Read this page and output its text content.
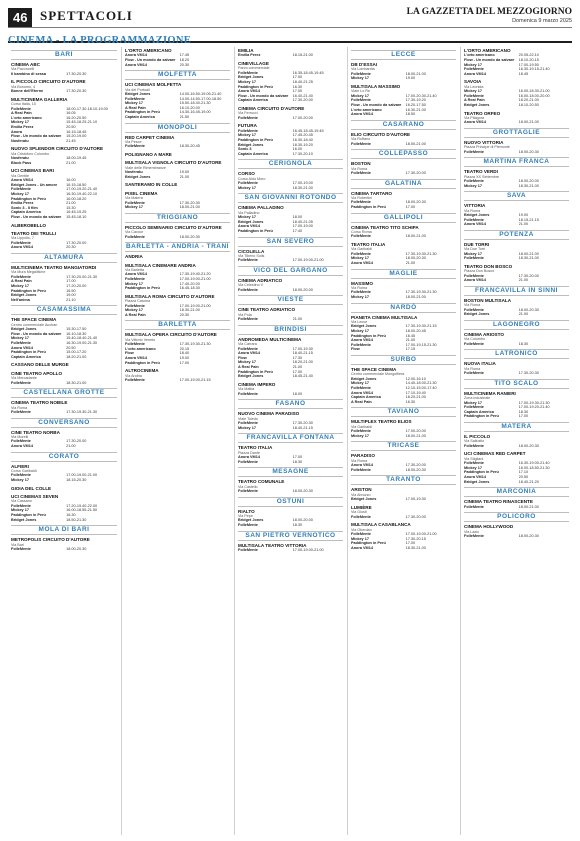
46 SPETTACOLI	LA GAZZETTA DEL MEZZOGIORNO
Domenica 9 marzo 2025
CINEMA - LA PROGRAMMAZIONE
BARI
CINEMA ABC
Via Pavoncelli
Il bambino di sessa	17.30-20.30
IL PICCOLO CIRCUITO D'AUTORE
Via Bonomo, 4
Bonne dell'Eterne	17.30-20.30
MULTICINEMA GALLERIA
Corso Italia, 15
FolleMente	18.00-17.30-18.10-19.00
A Real Pain	16.05
L'orto americano	16.20-20.50
Mickey 17	15.45-18.25-21.10
Emilia Perez	20.50
Anora	16.15-18.45
Flow - Un mondo da salvare	15.20-19.00
Nosferatu	21.45
NUOVO SPLENDOR CIRCUITO D'AUTORE
Via Cristoforo Colombo
Nosferatu	18.00-19.45
Block Pass	21.00
UCI CINEMAS BARI
Via Gentile
Anora VM14	16.00
Bridget Jones - Un amore	16.15-18.50
FolleMente	17.00-19.20-21.40
Mickey 17	16.30-19.40-22.10
Paddington in Perù	16.00-18.20
Emilia Perez	21.00
Sonic 3 - Il film	15.30
Captain America	16.45-19.25
Flow - Un mondo da salvare	15.45-18.10
ALBEROBELLO
TEATRO DEI TRULLI
Via Lippolis, 7
FolleMente	17.30-20.00
Anora VM14	20.30
ALTAMURA
MULTICINEMA TEATRO MANGIATORDI
Via Mura Megalitiche
FolleMente	17.30-20.00-21.30
A Real Pain	17.00
Mickey 17	17.20-20.00
Paddington in Perù	16.50
Bridget Jones	19.00
Nell'anima	21.10
CASAMASSIMA
THE SPACE CINEMA
Centro commerciale Auchan
Bridget Jones	15.30-17.50
Flow - Un mondo da salvare	16.10-18.30
Mickey 17	15.40-18.40-21.40
FolleMente	16.30-19.00-21.30
Anora VM14	20.50
Paddington in Perù	15.00-17.20
Captain America	18.20-21.00
CASSANO DELLE MURGE
CINE TEATRO APOLLO
Via Mercadante
FolleMente	18.30-21.00
CASTELLANA GROTTE
CINEMA TEATRO NOBILE
Via Roma
FolleMente	17.30-19.30-21.30
CONVERSANO
CINE TEATRO NORBA
Via Morelli
FolleMente	17.30-20.00
Anora VM14	21.00
CORATO
ALFIERI
Corso Garibaldi
FolleMente	17.00-19.00-21.00
Mickey 17	18.15-20.30
GIOIA DEL COLLE
UCI CINEMAS SEVEN
Via Cassano
FolleMente	17.20-19.40-22.00
Mickey 17	16.00-18.55-21.50
Paddington in Perù	16.30
Bridget Jones	18.50-21.30
MOLA DI BARI
METROPOLIS CIRCUITO D'AUTORE
Via Bari
FolleMente	18.00-20.30
L'ORTO AMERICANO
Anora VM14	17.45
Flow - Un mondo da salvare	18.20
Anora VM14	20.30
MOLFETTA
UCI CINEMAS MOLFETTA
Via dei Portuali
Bridget Jones	14.00-16.50-19.05-21.40
FolleMente	14.00-14.50-17.00-18.50
Mickey 17	15.50-18.40-21.30
A Real Pain	16.10-20.00
Paddington in Perù	14.30-16.45-19.00
Captain America	21.50
MONOPOLI
RED CARPET CINEMA
Via Pesce
FolleMente	18.30-20.45
POLIGNANO A MARE
MULTISALA VIGNOLA CIRCUITO D'AUTORE
Viale delle Rimembranze
Nosferatu	19.00
Bridget Jones	21.00
SANTERAMO IN COLLE
PIXEL CINEMA
Via Matera
FolleMente	17.30-20.30
Mickey 17	18.00-21.00
TRIGGIANO
PICCOLO SEMINARIO CIRCUITO D'AUTORE
Via Cavour
FolleMente	18.00-20.30
BARLETTA - ANDRIA - TRANI
ANDRIA
MULTISALA CINEMARE ANDRIA
Via Barletta
Anora VM14	17.30-19.40-21.20
FolleMente	17.00-19.00-21.00
Mickey 17	17.40-20.00
Paddington in Perù	16.45-18.30
MULTISALA ROMA CIRCUITO D'AUTORE
Piazza Catuma
FolleMente	17.00-19.00-21.00
Mickey 17	18.30-21.00
A Real Pain	20.30
BARLETTA
MULTISALA OPERA CIRCUITO D'AUTORE
Via Vittorio Veneto
FolleMente	17.30-19.30-21.30
L'orto americano	20.15
Flow	18.40
Anora VM14	19.00
Paddington in Perù	17.00
ALTROCINEMA
Via Andria
FolleMente	17.00-19.00-21.15
EMILIA
Emilia Perez	18.15-21.00
CINEVILLAGE
Parco commerciale
FolleMente	16.35-18.45-19.45
Bridget Jones	17.00
Mickey 17	18.40-21.25
Paddington in Perù	16.30
Anora VM14	17.00
Flow - Un mondo da salvare	16.40-21.40
Captain America	17.30-20.00
CINEMA CIRCUITO D'AUTORE
Via Ferrucci
FolleMente	17.00-20.00
FUTURA
FolleMente	16.45-18.45-19.45
Mickey 17	17.45-20.45
Paddington in Perù	16.30-18.40
Bridget Jones	18.30-19.20
Sonic 3	16.00
Captain America	17.30-20.10
CERIGNOLA
CORSO
Corso Aldo Moro
FolleMente	17.00-19.00
Mickey 17	18.30-21.00
SAN GIOVANNI ROTONDO
CINEMA PALLADINO
Via Palladino
Mickey 17	18.00
Bridget Jones	18.40-21.05
Anora VM14	17.00-19.00
Paddington in Perù	17.40
SAN SEVERO
CICOLELLA
Via Tiberio Solis
FolleMente	17.00-19.00-21.00
VICO DEL GARGANO
CINEMA ADRIATICO
Via Celestino V
FolleMente	18.00-20.00
VIESTE
CINE TEATRO ADRIATICO
Via Pola
FolleMente	21.00
BRINDISI
ANDROMEDA MULTICINEMA
Via Carrara
FolleMente	17.00-19.30
Anora VM14	18.40-21.15
Flow	17.30
Mickey 17	18.20-21.00
A Real Pain	21.00
Paddington in Perù	17.00
Bridget Jones	18.45-21.40
CINEMA IMPERO
Via Mattia
FolleMente	18.00
FASANO
NUOVO CINEMA PARADISO
Viale Toledo
FolleMente	17.30-20.30
Mickey 17	18.40-21.15
FRANCAVILLA FONTANA
TEATRO ITALIA
Piazza Dante
Anora VM14	17.00
FolleMente	18.30
MESAGNE
TEATRO COMUNALE
Via Castello
FolleMente	18.00-20.30
OSTUNI
RIALTO
Via Pepe
Bridget Jones	18.00-20.00
FolleMente	18.30
SAN PIETRO VERNOTICO
MULTISALA TEATRO VITTORIA
FolleMente	17.00-19.00-21.00
LECCE
DB D'ESSAI
Via Lombardia
FolleMente	18.00-21.00
Mickey 17	19.00
MULTISALA MASSIMO
Viale Lo Re
Mickey 17	17.00-20.30-21.40
FolleMente	17.30-19.20
Flow - Un mondo da salvare	16.20-17.50
L'orto americano	16.30-21.00
Anora VM14	18.50
CASARANO
ELIO CIRCUITO D'AUTORE
Via Ruffano
FolleMente	18.00-21.00
COLLEPASSO
BOSTON
Via Roma
FolleMente	17.30-20.00
GALATINA
CINEMA TARTARO
Via Robertini
FolleMente	18.00-20.30
Paddington in Perù	17.00
GALLIPOLI
CINEMA TEATRO TITO SCHIPA
Corso Roma
FolleMente	18.00-21.00
TEATRO ITALIA
Via Garibaldi
FolleMente	17.30-19.30-21.30
Mickey 17	18.00-20.30
Anora VM14	21.00
MAGLIE
MASSIMO
Via Roma
FolleMente	17.30-19.30-21.30
Mickey 17	18.00-21.00
NARDÒ
PIANETA CINEMA MULTISALA
Via Lecce
Bridget Jones	17.30-19.30-21.15
Mickey 17	18.00-20.45
Paddington in Perù	16.45
Anora VM14	21.00
FolleMente	17.00-19.15-21.30
Flow	17.15
SURBO
THE SPACE CINEMA
Centro commerciale Mongolfiera
Bridget Jones	12.00-16.10
Mickey 17	14.40-18.00-21.30
FolleMente	12.10-15.00-17.40
Anora VM14	17.10-19.40
Captain America	18.20-21.00
A Real Pain	16.30
TAVIANO
MULTIPLEX TEATRO ELIOS
Via Garibaldi
FolleMente	17.00-20.00
Mickey 17	18.00-21.00
TRICASE
PARADISO
Via Roma
Anora VM14	17.30-20.00
FolleMente	18.00-20.30
TARANTO
ARISTON
Via Abruzzo
Bridget Jones	17.00-19.30
LUMIÈRE
Via Giusti
FolleMente	17.30-20.00
MULTISALA CASABLANCA
Via Oberdan
FolleMente	17.00-19.00-21.00
Mickey 17	17.30-20.15
Paddington in Perù	17.00
Anora VM14	18.30-21.00
L'ORTO AMERICANO
L'orto americano	20.05-22.10
Flow - Un mondo da salvare	18.10-20.15
Mickey 17	17.00-19.50
FolleMente	16.30-19.15-21.40
Anora VM14	18.45
SAVOIA
Via Leonida
Mickey 17	16.00-18.30-21.00
FolleMente	16.00-18.00-20.00
A Real Pain	18.20-21.00
Bridget Jones	18.10-20.50
TEATRO ORFEO
Via Pitagora
Anora VM14	18.00-21.00
GROTTAGLIE
NUOVO VITTORIA
Piazza Principe di Piemonte
FolleMente	18.00-20.30
MARTINA FRANCA
TEATRO VERDI
Piazza XX Settembre
FolleMente	18.00-20.00
Mickey 17	18.30-21.00
SAVA
VITTORIA
Via Roma
Bridget Jones	19.00
FolleMente	18.15-21.15
Anora VM14	21.00
POTENZA
DUE TORRI
Via Due Torri
Mickey 17	18.00-21.00
FolleMente	18.30-21.00
TEATRO DON BOSCO
Piazza Don Bosco
FolleMente	17.30-20.00
Anora VM14	21.00
FRANCAVILLA IN SINNI
BOSTON MULTISALA
Via Roma
FolleMente	18.00-20.30
Bridget Jones	21.00
LAGONEGRO
CINEMA ARIOSTO
Via Colombo
FolleMente	18.30
LATRONICO
NUOVA ITALIA
Via Roma
FolleMente	17.30-20.30
TITO SCALO
MULTICINEMA RANIERI
Zona industriale
Mickey 17	17.00-19.30-21.30
FolleMente	17.00-19.20-21.40
Captain America	18.30
Paddington in Perù	17.00
MATERA
IL PICCOLO
Via Sallustio
FolleMente	18.00-20.30
UCI CINEMAS RED CARPET
Via Stigliani
FolleMente	16.30-19.00-21.40
Mickey 17	16.00-18.50-21.30
Paddington in Perù	17.10
Anora VM14	20.50
Bridget Jones	18.40-21.20
MARCONIA
CINEMA TEATRO RINASCENTE
FolleMente	18.00-21.00
POLICORO
CINEMA HOLLYWOOD
Via Lazio
FolleMente	18.00-20.30
